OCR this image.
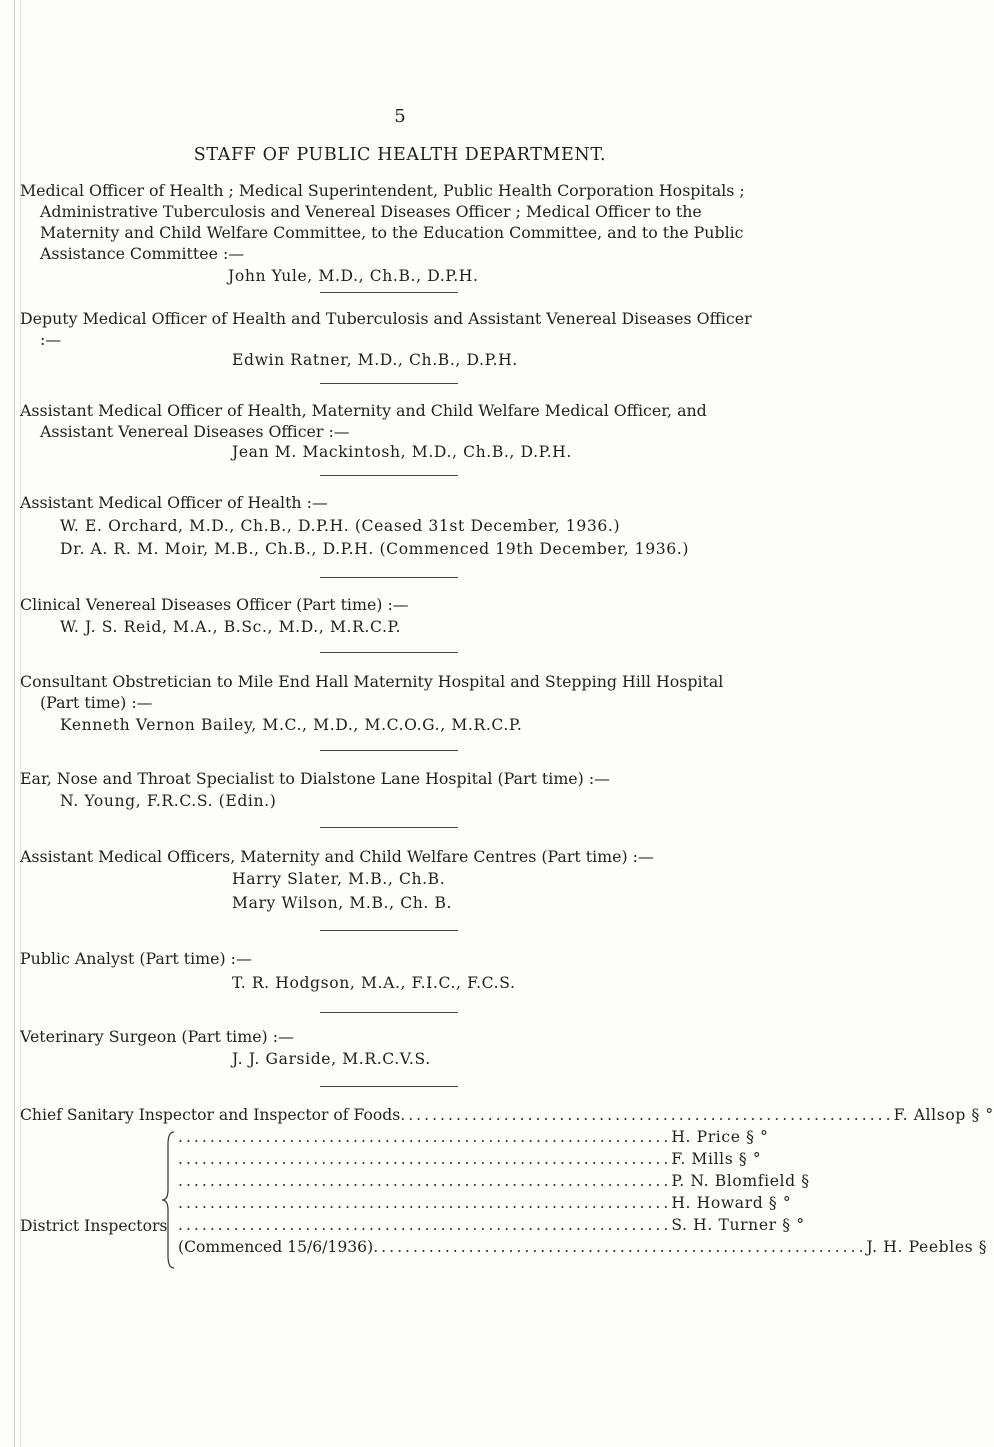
5
STAFF OF PUBLIC HEALTH DEPARTMENT.
Medical Officer of Health ; Medical Superintendent, Public Health Corporation Hospitals ; Administrative Tuberculosis and Venereal Diseases Officer ; Medical Officer to the Maternity and Child Welfare Committee, to the Education Committee, and to the Public Assistance Committee :—
John Yule, M.D., Ch.B., D.P.H.
Deputy Medical Officer of Health and Tuberculosis and Assistant Venereal Diseases Officer :—
Edwin Ratner, M.D., Ch.B., D.P.H.
Assistant Medical Officer of Health, Maternity and Child Welfare Medical Officer, and Assistant Venereal Diseases Officer :—
Jean M. Mackintosh, M.D., Ch.B., D.P.H.
Assistant Medical Officer of Health :—
W. E. Orchard, M.D., Ch.B., D.P.H. (Ceased 31st December, 1936.)
Dr. A. R. M. Moir, M.B., Ch.B., D.P.H. (Commenced 19th December, 1936.)
Clinical Venereal Diseases Officer (Part time) :—
W. J. S. Reid, M.A., B.Sc., M.D., M.R.C.P.
Consultant Obstretician to Mile End Hall Maternity Hospital and Stepping Hill Hospital (Part time) :—
Kenneth Vernon Bailey, M.C., M.D., M.C.O.G., M.R.C.P.
Ear, Nose and Throat Specialist to Dialstone Lane Hospital (Part time) :—
N. Young, F.R.C.S. (Edin.)
Assistant Medical Officers, Maternity and Child Welfare Centres (Part time) :—
Harry Slater, M.B., Ch.B.
Mary Wilson, M.B., Ch. B.
Public Analyst (Part time) :—
T. R. Hodgson, M.A., F.I.C., F.C.S.
Veterinary Surgeon (Part time) :—
J. J. Garside, M.R.C.V.S.
Chief Sanitary Inspector and Inspector of Foods .............................................................. F. Allsop § °
District Inspectors
.............................................................. H. Price § °
.............................................................. F. Mills § °
.............................................................. P. N. Blomfield §
.............................................................. H. Howard § °
.............................................................. S. H. Turner § °
(Commenced 15/6/1936) .............................................................. J. H. Peebles §
